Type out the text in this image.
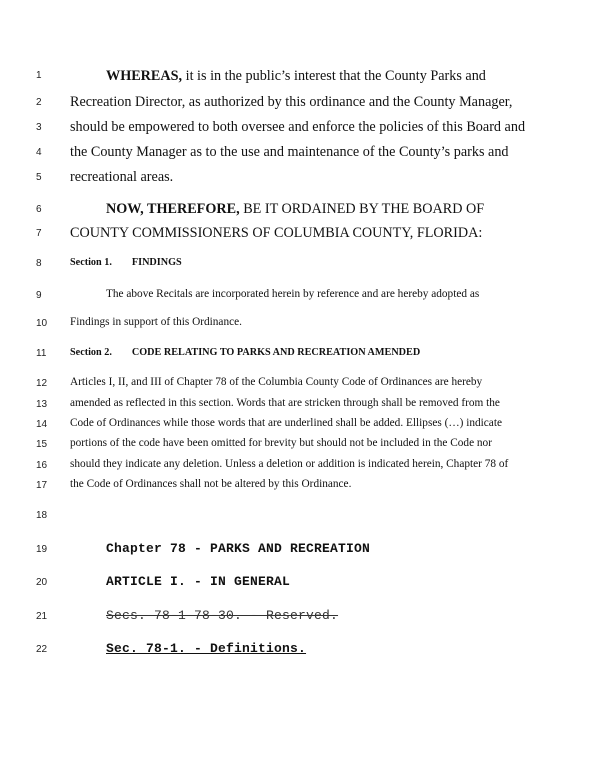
1
2
3
4
5
6
7
8
9
10
11
12
13
14
15
16
17
18
19
20
21
22
WHEREAS, it is in the public’s interest that the County Parks and
Recreation Director, as authorized by this ordinance and the County Manager,
should be empowered to both oversee and enforce the policies of this Board and
the County Manager as to the use and maintenance of the County’s parks and
recreational areas.
NOW, THEREFORE, BE IT ORDAINED BY THE BOARD OF
COUNTY COMMISSIONERS OF COLUMBIA COUNTY, FLORIDA:
Section 1. FINDINGS
The above Recitals are incorporated herein by reference and are hereby adopted as
Findings in support of this Ordinance.
Section 2. CODE RELATING TO PARKS AND RECREATION AMENDED
Articles I, II, and III of Chapter 78 of the Columbia County Code of Ordinances are hereby
amended as reflected in this section. Words that are stricken through shall be removed from the
Code of Ordinances while those words that are underlined shall be added. Ellipses (…) indicate
portions of the code have been omitted for brevity but should not be included in the Code nor
should they indicate any deletion. Unless a deletion or addition is indicated herein, Chapter 78 of
the Code of Ordinances shall not be altered by this Ordinance.
Chapter 78 - PARKS AND RECREATION
ARTICLE I. - IN GENERAL
Secs. 78-1—78-30. - Reserved.
Sec. 78-1. - Definitions.
